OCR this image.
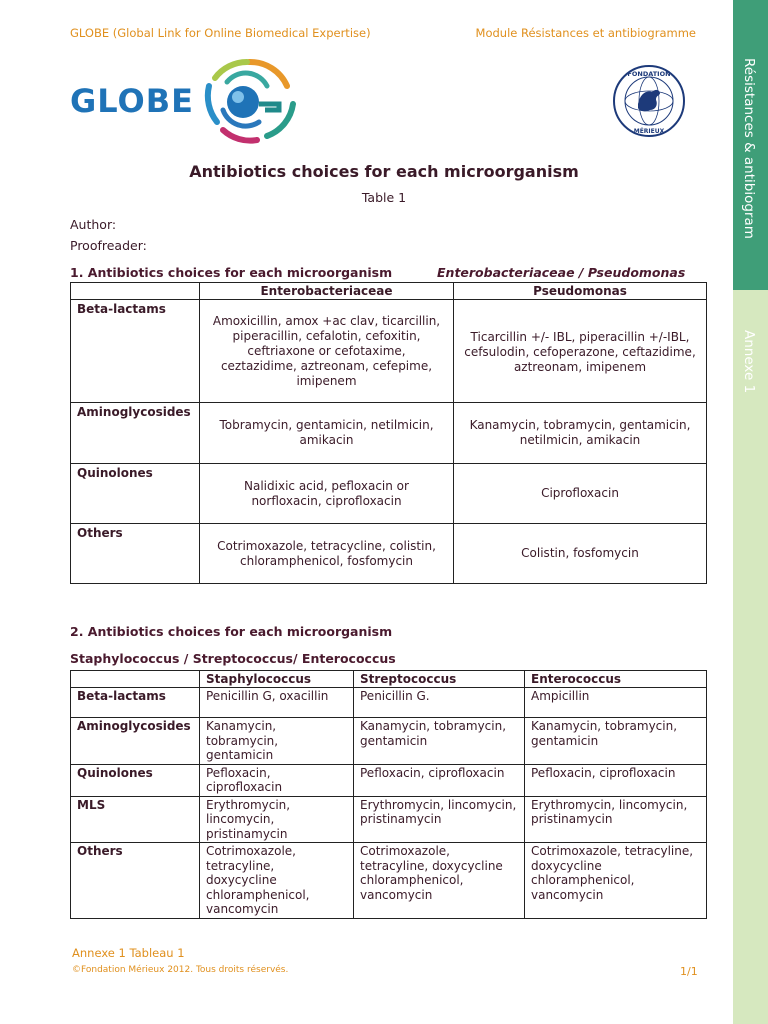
GLOBE (Global Link for Online Biomedical Expertise)	Module Résistances et antibiogramme
Résistances & antibiogram
Annexe 1
GLOBE
FONDATION
MÉRIEUX
Antibiotics choices for each microorganism
Table 1
Author:
Proofreader:
1. Antibiotics choices for each microorganism	Enterobacteriaceae / Pseudomonas
	Enterobacteriaceae	Pseudomonas
Beta-lactams	Amoxicillin, amox +ac clav, ticarcillin, piperacillin, cefalotin, cefoxitin, ceftriaxone or cefotaxime, ceztazidime, aztreonam, cefepime, imipenem	Ticarcillin +/- IBL, piperacillin +/-IBL, cefsulodin, cefoperazone, ceftazidime, aztreonam, imipenem
Aminoglycosides	Tobramycin, gentamicin, netilmicin, amikacin	Kanamycin, tobramycin, gentamicin, netilmicin, amikacin
Quinolones	Nalidixic acid, pefloxacin or norfloxacin, ciprofloxacin	Ciprofloxacin
Others	Cotrimoxazole, tetracycline, colistin, chloramphenicol, fosfomycin	Colistin, fosfomycin
2. Antibiotics choices for each microorganism
Staphylococcus / Streptococcus/ Enterococcus
	Staphylococcus	Streptococcus	Enterococcus
Beta-lactams	Penicillin G, oxacillin	Penicillin G.	Ampicillin
Aminoglycosides	Kanamycin, tobramycin, gentamicin	Kanamycin, tobramycin, gentamicin	Kanamycin, tobramycin, gentamicin
Quinolones	Pefloxacin, ciprofloxacin	Pefloxacin, ciprofloxacin	Pefloxacin, ciprofloxacin
MLS	Erythromycin, lincomycin, pristinamycin	Erythromycin, lincomycin, pristinamycin	Erythromycin, lincomycin, pristinamycin
Others	Cotrimoxazole, tetracyline, doxycycline chloramphenicol, vancomycin	Cotrimoxazole, tetracyline, doxycycline chloramphenicol, vancomycin	Cotrimoxazole, tetracyline, doxycycline chloramphenicol, vancomycin
Annexe 1 Tableau 1
©Fondation Mérieux 2012. Tous droits réservés.	1/1
